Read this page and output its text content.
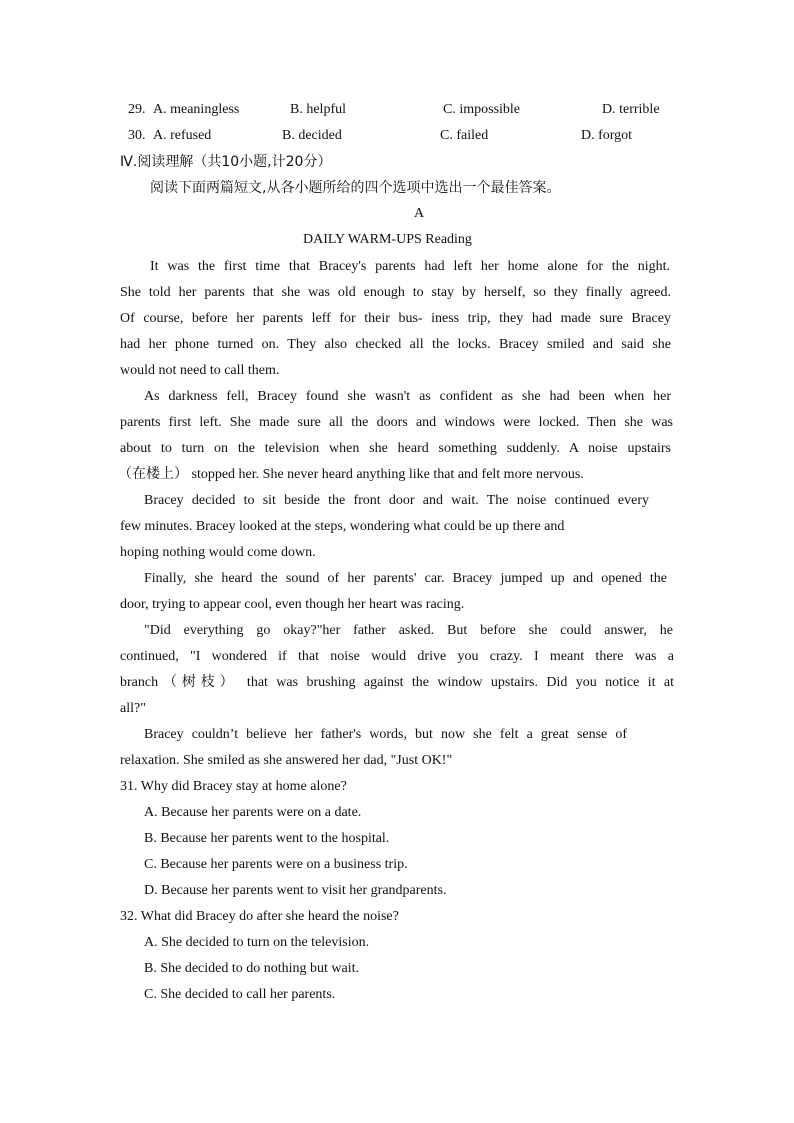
29. A. meaningless	B. helpful	C. impossible	D. terrible
30. A. refused	B. decided	C. failed	D. forgot
Ⅳ.阅读理解（共10小题,计20分）
阅读下面两篇短文,从各小题所给的四个选项中选出一个最佳答案。
A
DAILY WARM-UPS Reading
It was the first time that Bracey's parents had left her home alone for the night.
She told her parents that she was old enough to stay by herself, so they finally agreed.
Of course, before her parents leff for their bus- iness trip, they had made sure Bracey
had her phone turned on. They also checked all the locks. Bracey smiled and said she
would not need to call them.
As darkness fell, Bracey found she wasn't as confident as she had been when her
parents first left. She made sure all the doors and windows were locked. Then she was
about to turn on the television when she heard something suddenly. A noise upstairs
（在楼上） stopped her. She never heard anything like that and felt more nervous.
Bracey decided to sit beside the front door and wait. The noise continued every
few minutes. Bracey looked at the steps, wondering what could be up there and
hoping nothing would come down.
Finally, she heard the sound of her parents' car. Bracey jumped up and opened the
door, trying to appear cool, even though her heart was racing.
"Did everything go okay?"her father asked. But before she could answer, he
continued, "I wondered if that noise would drive you crazy. I meant there was a
branch（树枝） that was brushing against the window upstairs. Did you notice it at
all?"
Bracey couldn’t believe her father's words, but now she felt a great sense of
relaxation. She smiled as she answered her dad, "Just OK!"
31. Why did Bracey stay at home alone?
A. Because her parents were on a date.
B. Because her parents went to the hospital.
C. Because her parents were on a business trip.
D. Because her parents went to visit her grandparents.
32. What did Bracey do after she heard the noise?
A. She decided to turn on the television.
B. She decided to do nothing but wait.
C. She decided to call her parents.
